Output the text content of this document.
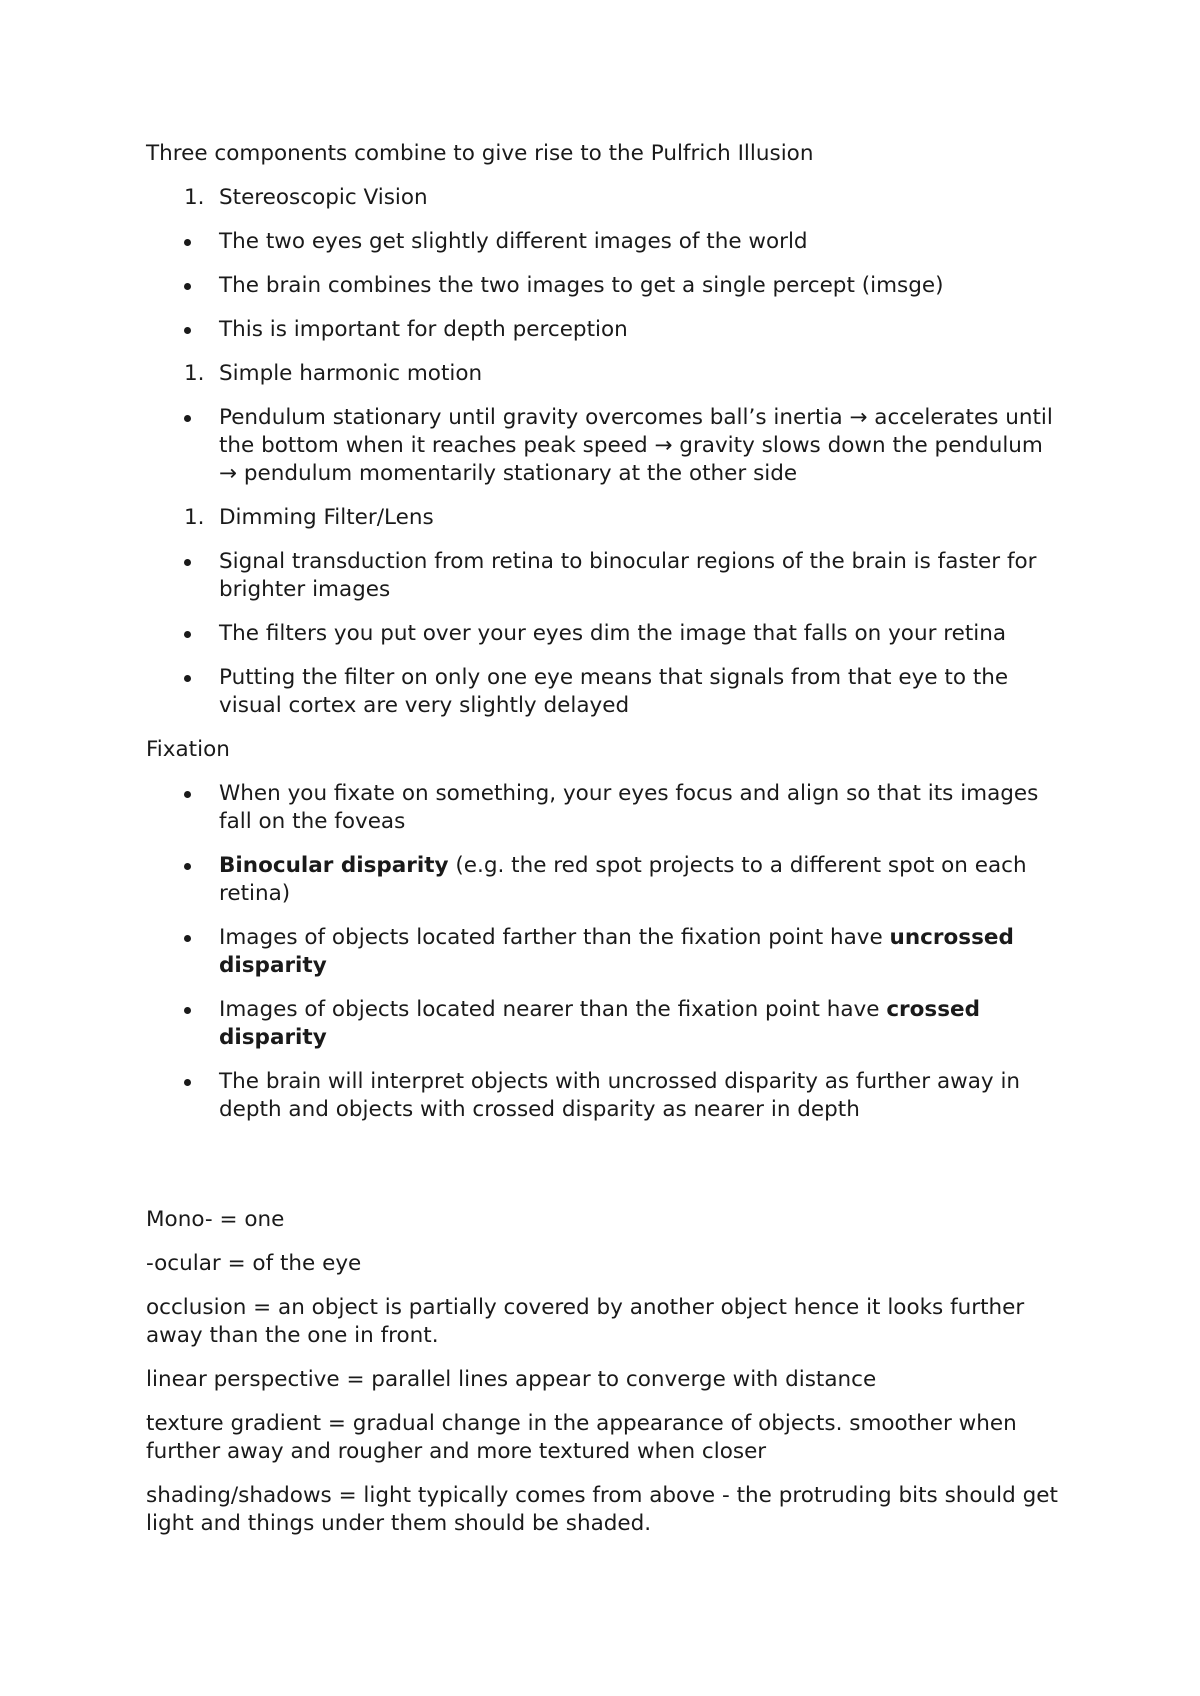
Three components combine to give rise to the Pulfrich Illusion

1. Stereoscopic Vision
The two eyes get slightly different images of the world
The brain combines the two images to get a single percept (imsge)
This is important for depth perception
1. Simple harmonic motion
Pendulum stationary until gravity overcomes ball’s inertia → accelerates until the bottom when it reaches peak speed → gravity slows down the pendulum → pendulum momentarily stationary at the other side
1. Dimming Filter/Lens
Signal transduction from retina to binocular regions of the brain is faster for brighter images
The filters you put over your eyes dim the image that falls on your retina
Putting the filter on only one eye means that signals from that eye to the visual cortex are very slightly delayed

Fixation

When you fixate on something, your eyes focus and align so that its images fall on the foveas
Binocular disparity (e.g. the red spot projects to a different spot on each retina)
Images of objects located farther than the fixation point have uncrossed disparity
Images of objects located nearer than the fixation point have crossed disparity
The brain will interpret objects with uncrossed disparity as further away in depth and objects with crossed disparity as nearer in depth

Mono- = one

-ocular = of the eye

occlusion = an object is partially covered by another object hence it looks further away than the one in front.

linear perspective = parallel lines appear to converge with distance

texture gradient = gradual change in the appearance of objects. smoother when further away and rougher and more textured when closer

shading/shadows = light typically comes from above - the protruding bits should get light and things under them should be shaded.
